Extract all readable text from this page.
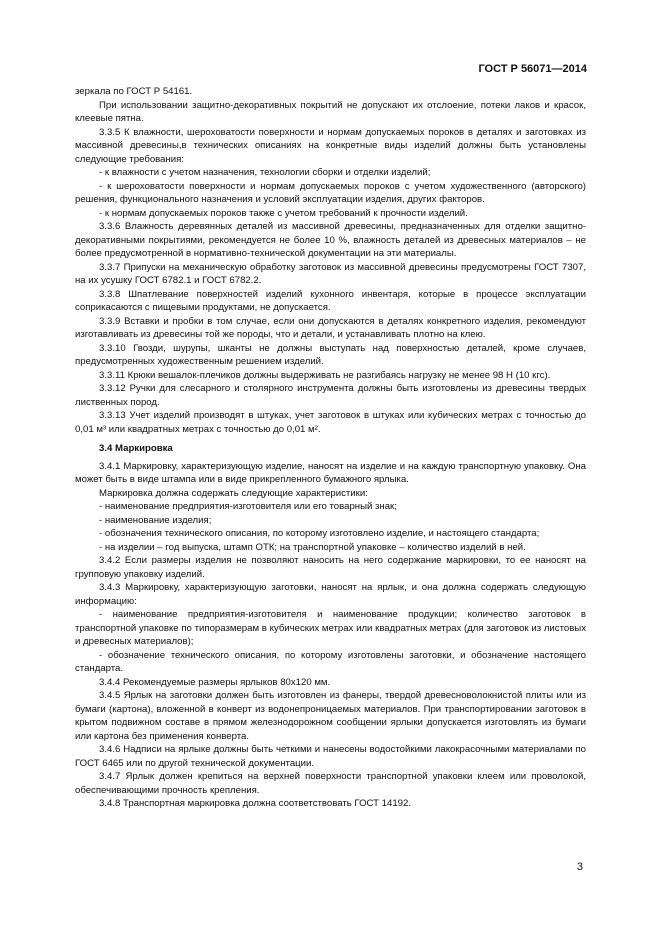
ГОСТ Р 56071—2014

зеркала по ГОСТ Р 54161.

При использовании защитно-декоративных покрытий не допускают их отслоение, потеки лаков и красок, клеевые пятна.

3.3.5 К влажности, шероховатости поверхности и нормам допускаемых пороков в деталях и заготовках из массивной древесины,в технических описаниях на конкретные виды изделий должны быть установлены следующие требования:

- к влажности с учетом назначения, технологии сборки и отделки изделий;

- к шероховатости поверхности и нормам допускаемых пороков с учетом художественного (авторского) решения, функционального назначения и условий эксплуатации изделия, других факторов.

- к нормам допускаемых пороков также с учетом требований к прочности изделий.

3.3.6 Влажность деревянных деталей из массивной древесины, предназначенных для отделки защитно-декоративными покрытиями, рекомендуется не более 10 %, влажность деталей из древесных материалов – не более предусмотренной в нормативно-технической документации на эти материалы.

3.3.7 Припуски на механическую обработку заготовок из массивной древесины предусмотрены ГОСТ 7307, на их усушку ГОСТ 6782.1 и ГОСТ 6782.2.

3.3.8 Шпатлевание поверхностей изделий кухонного инвентаря, которые в процессе эксплуатации соприкасаются с пищевыми продуктами, не допускается.

3.3.9 Вставки и пробки в том случае, если они допускаются в деталях конкретного изделия, рекомендуют изготавливать из древесины той же породы, что и детали, и устанавливать плотно на клею.

3.3.10 Гвозди, шурупы, шканты не должны выступать над поверхностью деталей, кроме случаев, предусмотренных художественным решением изделий.

3.3.11 Крюки вешалок-плечиков должны выдерживать не разгибаясь нагрузку не менее 98 Н (10 кгс).

3.3.12 Ручки для слесарного и столярного инструмента должны быть изготовлены из древесины твердых лиственных пород.

3.3.13 Учет изделий производят в штуках, учет заготовок в штуках или кубических метрах с точностью до 0,01 м³ или квадратных метрах с точностью до 0,01 м².

3.4 Маркировка

3.4.1 Маркировку, характеризующую изделие, наносят на изделие и на каждую транспортную упаковку. Она может быть в виде штампа или в виде прикрепленного бумажного ярлыка.

Маркировка должна содержать следующие характеристики:

- наименование предприятия-изготовителя или его товарный знак;

- наименование изделия;

- обозначения технического описания, по которому изготовлено изделие, и настоящего стандарта;

- на изделии – год выпуска, штамп ОТК; на транспортной упаковке – количество изделий в ней.

3.4.2 Если размеры изделия не позволяют наносить на него содержание маркировки, то ее наносят на групповую упаковку изделий.

3.4.3 Маркировку, характеризующую заготовки, наносят на ярлык, и она должна содержать следующую информацию:

- наименование предприятия-изготовителя и наименование продукции; количество заготовок в транспортной упаковке по типоразмерам в кубических метрах или квадратных метрах (для заготовок из листовых и древесных материалов);

- обозначение технического описания, по которому изготовлены заготовки, и обозначение настоящего стандарта.

3.4.4 Рекомендуемые размеры ярлыков 80х120 мм.

3.4.5 Ярлык на заготовки должен быть изготовлен из фанеры, твердой древесноволокнистой плиты или из бумаги (картона), вложенной в конверт из водонепроницаемых материалов. При транспортировании заготовок в крытом подвижном составе в прямом железнодорожном сообщении ярлыки допускается изготовлять из бумаги или картона без применения конверта.

3.4.6 Надписи на ярлыке должны быть четкими и нанесены водостойкими лакокрасочными материалами по ГОСТ 6465 или по другой технической документации.

3.4.7 Ярлык должен крепиться на верхней поверхности транспортной упаковки клеем или проволокой, обеспечивающими прочность крепления.

3.4.8 Транспортная маркировка должна соответствовать ГОСТ 14192.

3
